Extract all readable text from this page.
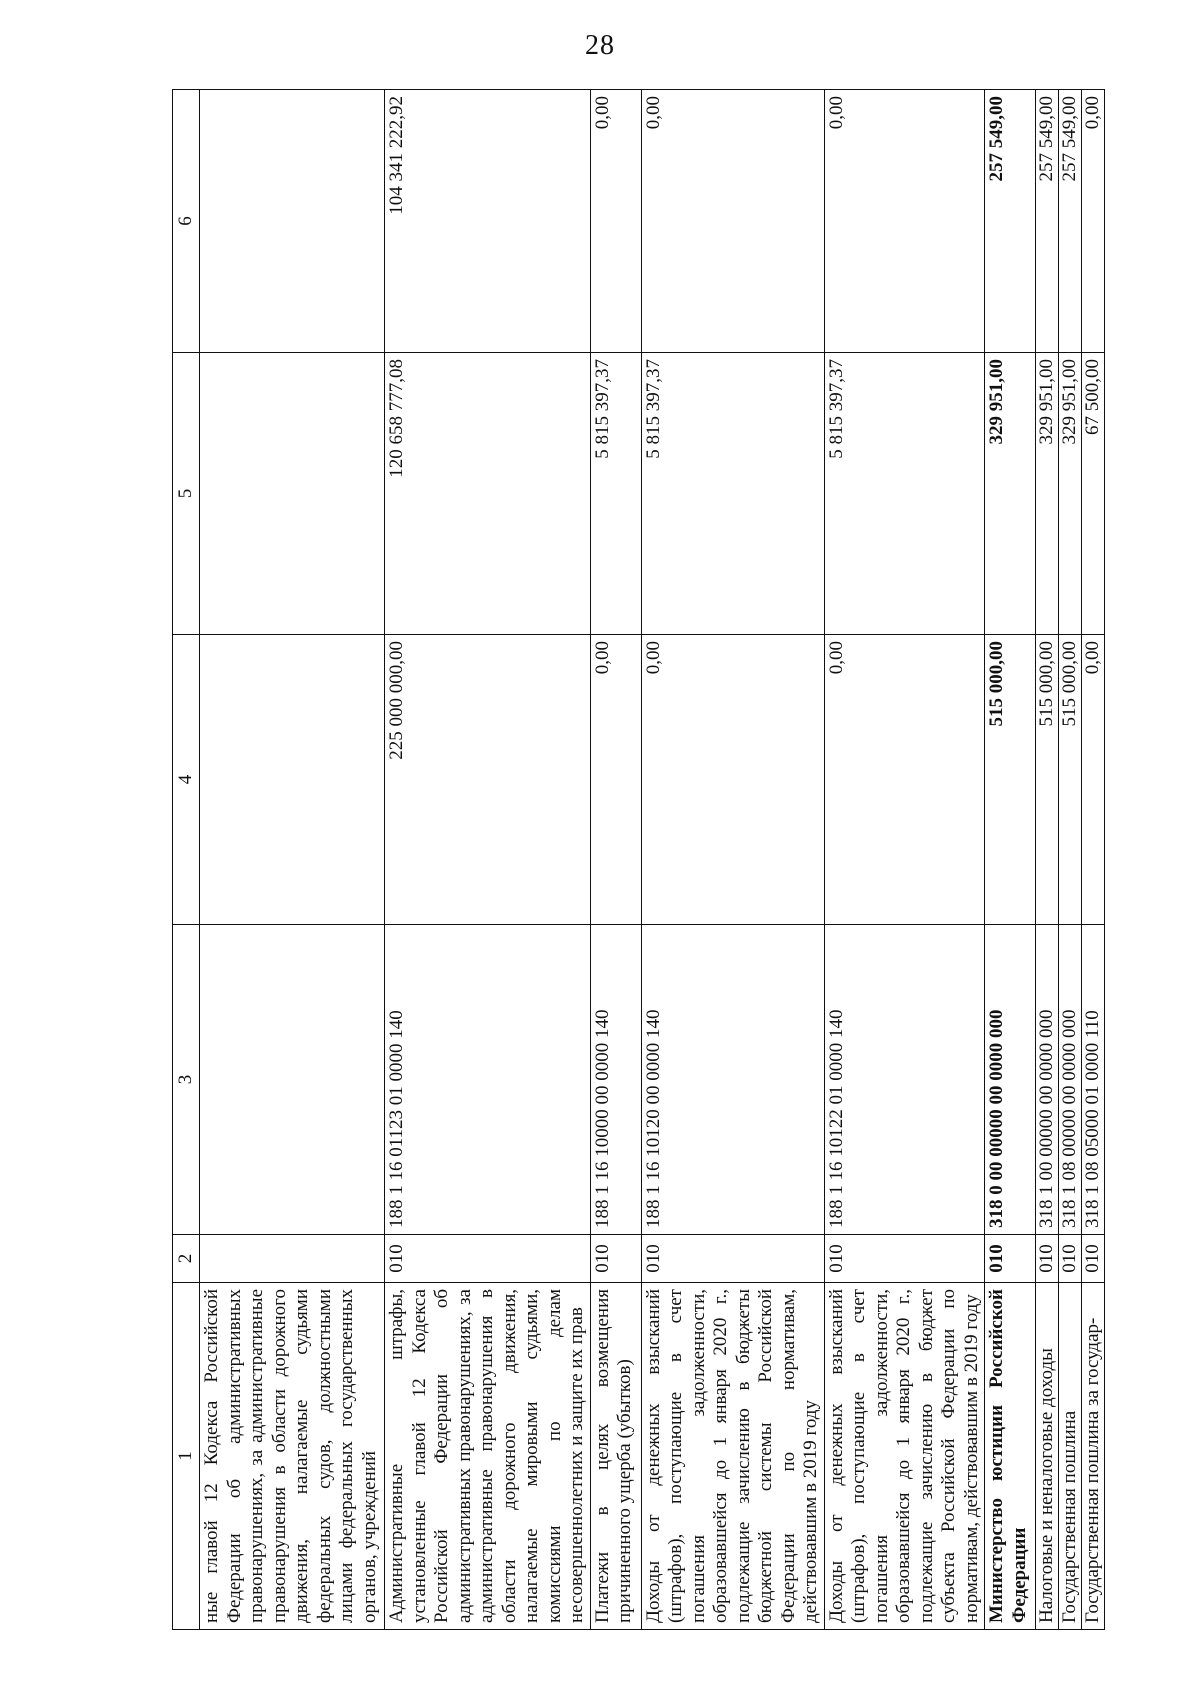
28
1	2	3	4	5	6
ные главой 12 Кодекса Российской Федерации об административных правонарушениях, за административные правонарушения в области дорожного движения, налагаемые судьями федеральных судов, должностными лицами федеральных государственных органов, учреждений					
Административные штрафы, установленные главой 12 Кодекса Российской Федерации об административных правонарушениях, за административные правонарушения в области дорожного движения, налагаемые мировыми судьями, комиссиями по делам несовершеннолетних и защите их прав	010	188 1 16 01123 01 0000 140	225 000 000,00	120 658 777,08	104 341 222,92
Платежи в целях возмещения причиненного ущерба (убытков)	010	188 1 16 10000 00 0000 140	0,00	5 815 397,37	0,00
Доходы от денежных взысканий (штрафов), поступающие в счет погашения задолженности, образовавшейся до 1 января 2020 г., подлежащие зачислению в бюджеты бюджетной системы Российской Федерации по нормативам, действовавшим в 2019 году	010	188 1 16 10120 00 0000 140	0,00	5 815 397,37	0,00
Доходы от денежных взысканий (штрафов), поступающие в счет погашения задолженности, образовавшейся до 1 января 2020 г., подлежащие зачислению в бюджет субъекта Российской Федерации по нормативам, действовавшим в 2019 году	010	188 1 16 10122 01 0000 140	0,00	5 815 397,37	0,00
Министерство юстиции Российской Федерации	010	318 0 00 00000 00 0000 000	515 000,00	329 951,00	257 549,00
Налоговые и неналоговые доходы	010	318 1 00 00000 00 0000 000	515 000,00	329 951,00	257 549,00
Государственная пошлина	010	318 1 08 00000 00 0000 000	515 000,00	329 951,00	257 549,00
Государственная пошлина за государ-	010	318 1 08 05000 01 0000 110	0,00	67 500,00	0,00
